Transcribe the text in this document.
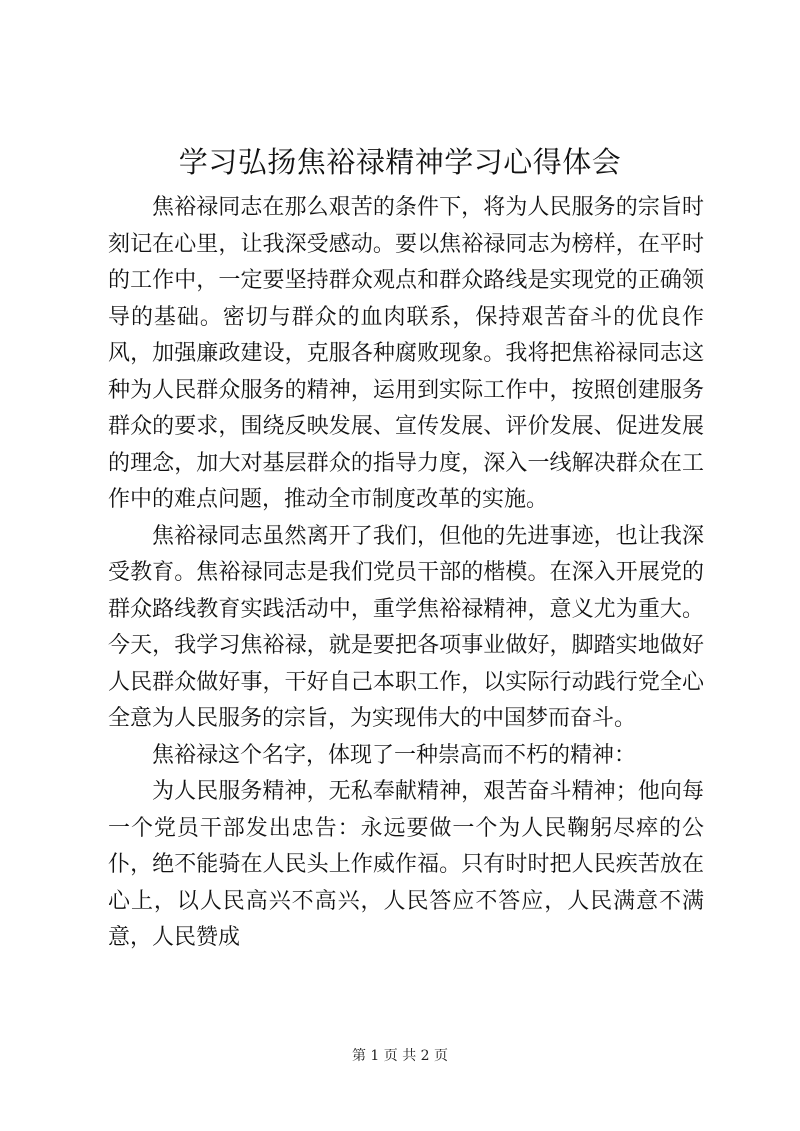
学习弘扬焦裕禄精神学习心得体会

焦裕禄同志在那么艰苦的条件下，将为人民服务的宗旨时刻记在心里，让我深受感动。要以焦裕禄同志为榜样，在平时的工作中，一定要坚持群众观点和群众路线是实现党的正确领导的基础。密切与群众的血肉联系，保持艰苦奋斗的优良作风，加强廉政建设，克服各种腐败现象。我将把焦裕禄同志这种为人民群众服务的精神，运用到实际工作中，按照创建服务群众的要求，围绕反映发展、宣传发展、评价发展、促进发展的理念，加大对基层群众的指导力度，深入一线解决群众在工作中的难点问题，推动全市制度改革的实施。

焦裕禄同志虽然离开了我们，但他的先进事迹，也让我深受教育。焦裕禄同志是我们党员干部的楷模。在深入开展党的群众路线教育实践活动中，重学焦裕禄精神，意义尤为重大。今天，我学习焦裕禄，就是要把各项事业做好，脚踏实地做好人民群众做好事，干好自己本职工作，以实际行动践行党全心全意为人民服务的宗旨，为实现伟大的中国梦而奋斗。

焦裕禄这个名字，体现了一种崇高而不朽的精神：

为人民服务精神，无私奉献精神，艰苦奋斗精神；他向每一个党员干部发出忠告：永远要做一个为人民鞠躬尽瘁的公仆，绝不能骑在人民头上作威作福。只有时时把人民疾苦放在心上，以人民高兴不高兴，人民答应不答应，人民满意不满意，人民赞成

第 1 页 共 2 页
